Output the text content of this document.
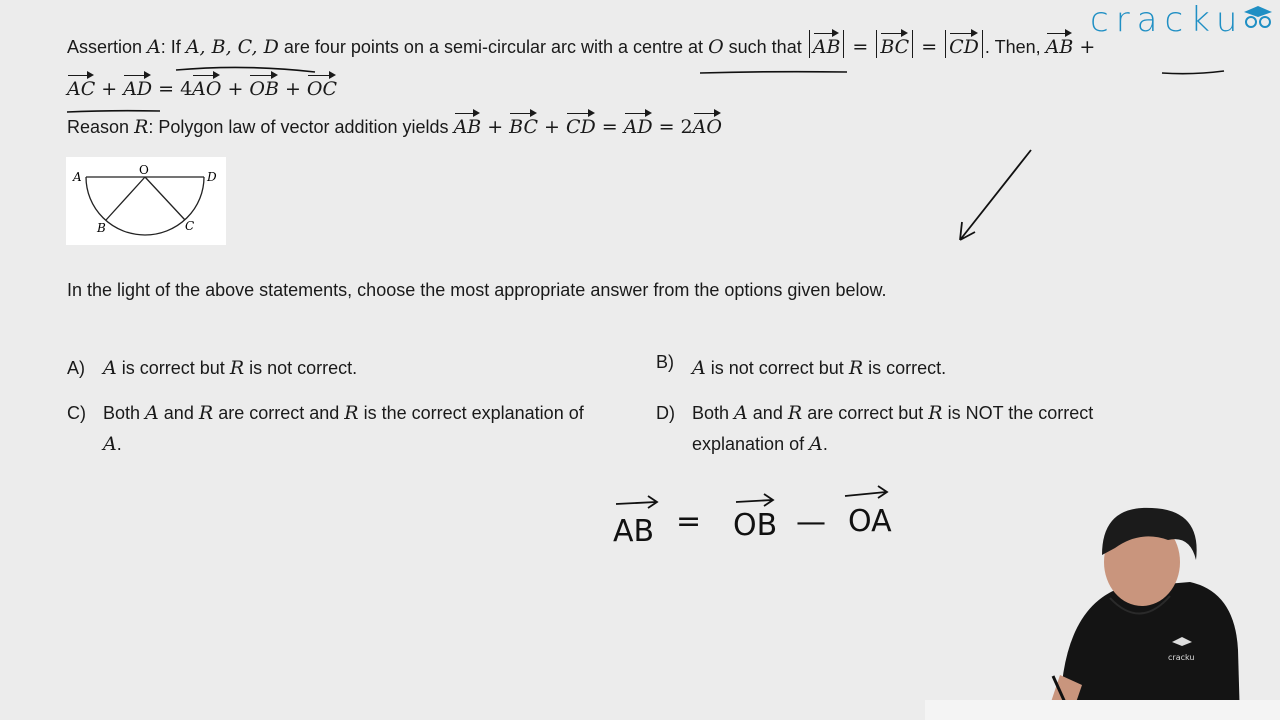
cracku
Assertion A: If A, B, C, D are four points on a semi-circular arc with a centre at O such that AB = BC = CD . Then, AB +
AC + AD = 4AO + OB + OC
Reason R: Polygon law of vector addition yields AB + BC + CD = AD = 2AO
A	O	D
B	C
In the light of the above statements, choose the most appropriate answer from the options given below.
A) A is correct but R is not correct.	B) A is not correct but R is correct.
C) Both A and R are correct and R is the correct explanation of
A.
D) Both A and R are correct but R is NOT the correct
explanation of A.
AB = OB — OA
cracku
